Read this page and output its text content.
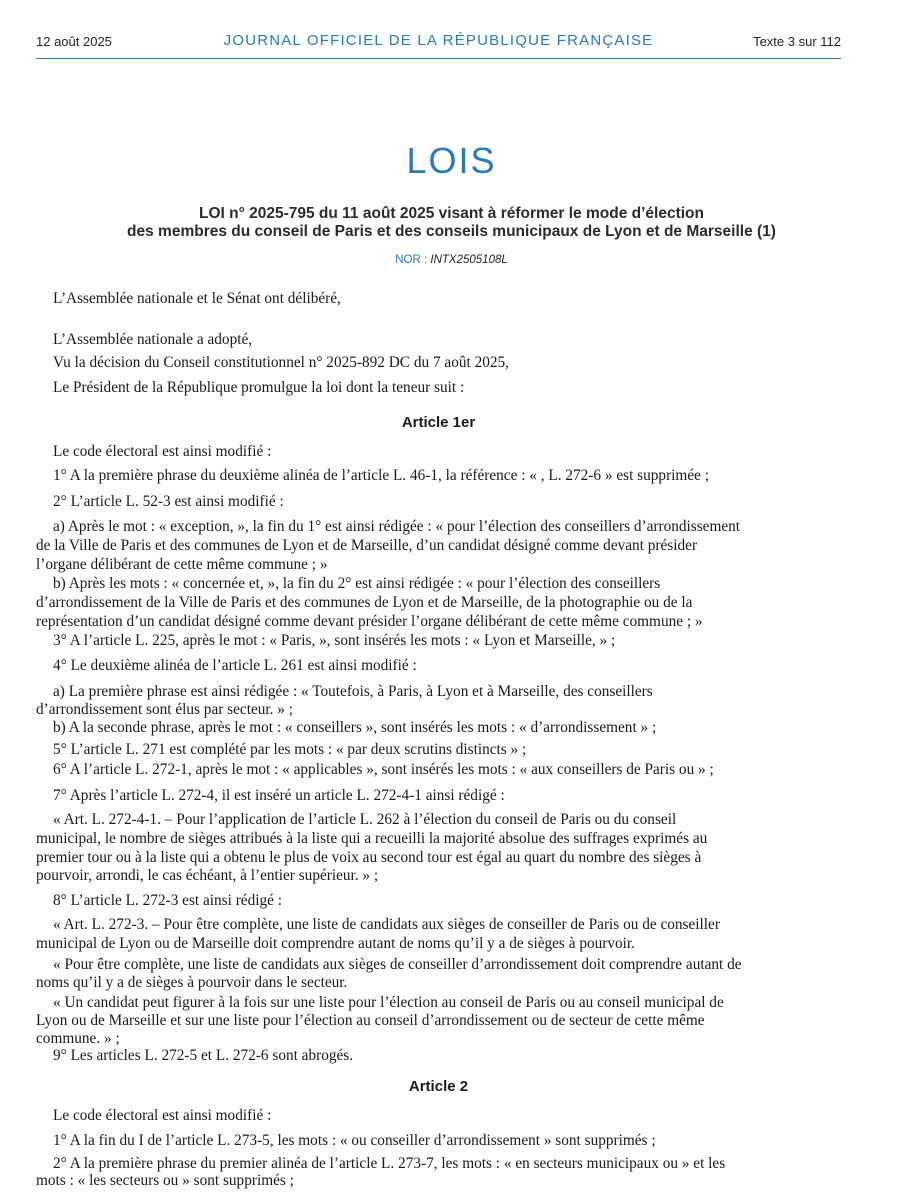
12 août 2025	JOURNAL OFFICIEL DE LA RÉPUBLIQUE FRANÇAISE	Texte 3 sur 112
LOIS
LOI n° 2025-795 du 11 août 2025 visant à réformer le mode d’élection
des membres du conseil de Paris et des conseils municipaux de Lyon et de Marseille (1)
NOR : INTX2505108L

L’Assemblée nationale et le Sénat ont délibéré,

L’Assemblée nationale a adopté,

Vu la décision du Conseil constitutionnel n° 2025-892 DC du 7 août 2025,

Le Président de la République promulgue la loi dont la teneur suit :

Article 1er

Le code électoral est ainsi modifié :

1° A la première phrase du deuxième alinéa de l’article L. 46-1, la référence : « , L. 272-6 » est supprimée ;

2° L’article L. 52-3 est ainsi modifié :

a) Après le mot : « exception, », la fin du 1° est ainsi rédigée : « pour l’élection des conseillers d’arrondissement

de la Ville de Paris et des communes de Lyon et de Marseille, d’un candidat désigné comme devant présider

l’organe délibérant de cette même commune ; »

b) Après les mots : « concernée et, », la fin du 2° est ainsi rédigée : « pour l’élection des conseillers

d’arrondissement de la Ville de Paris et des communes de Lyon et de Marseille, de la photographie ou de la

représentation d’un candidat désigné comme devant présider l’organe délibérant de cette même commune ; »

3° A l’article L. 225, après le mot : « Paris, », sont insérés les mots : « Lyon et Marseille, » ;

4° Le deuxième alinéa de l’article L. 261 est ainsi modifié :

a) La première phrase est ainsi rédigée : « Toutefois, à Paris, à Lyon et à Marseille, des conseillers

d’arrondissement sont élus par secteur. » ;

b) A la seconde phrase, après le mot : « conseillers », sont insérés les mots : « d’arrondissement » ;

5° L’article L. 271 est complété par les mots : « par deux scrutins distincts » ;

6° A l’article L. 272-1, après le mot : « applicables », sont insérés les mots : « aux conseillers de Paris ou » ;

7° Après l’article L. 272-4, il est inséré un article L. 272-4-1 ainsi rédigé :

« Art. L. 272-4-1. – Pour l’application de l’article L. 262 à l’élection du conseil de Paris ou du conseil

municipal, le nombre de sièges attribués à la liste qui a recueilli la majorité absolue des suffrages exprimés au

premier tour ou à la liste qui a obtenu le plus de voix au second tour est égal au quart du nombre des sièges à

pourvoir, arrondi, le cas échéant, à l’entier supérieur. » ;

8° L’article L. 272-3 est ainsi rédigé :

« Art. L. 272-3. – Pour être complète, une liste de candidats aux sièges de conseiller de Paris ou de conseiller

municipal de Lyon ou de Marseille doit comprendre autant de noms qu’il y a de sièges à pourvoir.

« Pour être complète, une liste de candidats aux sièges de conseiller d’arrondissement doit comprendre autant de

noms qu’il y a de sièges à pourvoir dans le secteur.

« Un candidat peut figurer à la fois sur une liste pour l’élection au conseil de Paris ou au conseil municipal de

Lyon ou de Marseille et sur une liste pour l’élection au conseil d’arrondissement ou de secteur de cette même

commune. » ;

9° Les articles L. 272-5 et L. 272-6 sont abrogés.

Article 2

Le code électoral est ainsi modifié :

1° A la fin du I de l’article L. 273-5, les mots : « ou conseiller d’arrondissement » sont supprimés ;

2° A la première phrase du premier alinéa de l’article L. 273-7, les mots : « en secteurs municipaux ou » et les

mots : « les secteurs ou » sont supprimés ;
